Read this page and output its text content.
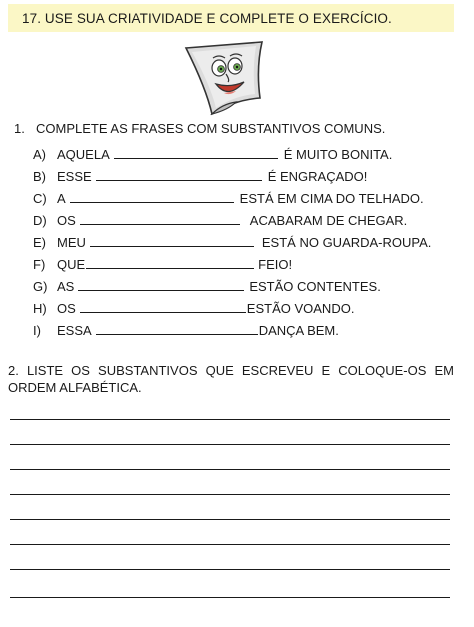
17. USE SUA CRIATIVIDADE E COMPLETE O EXERCÍCIO.
1. COMPLETE AS FRASES COM SUBSTANTIVOS COMUNS.
A) AQUELA	É MUITO BONITA.
B) ESSE	É ENGRAÇADO!
C) A	ESTÁ EM CIMA DO TELHADO.
D) OS	ACABARAM DE CHEGAR.
E) MEU	ESTÁ NO GUARDA-ROUPA.
F) QUE	FEIO!
G) AS	ESTÃO CONTENTES.
H) OS	ESTÃO VOANDO.
I)	ESSA	DANÇA BEM.
2. LISTE OS SUBSTANTIVOS QUE ESCREVEU E COLOQUE-OS EM ORDEM ALFABÉTICA.
